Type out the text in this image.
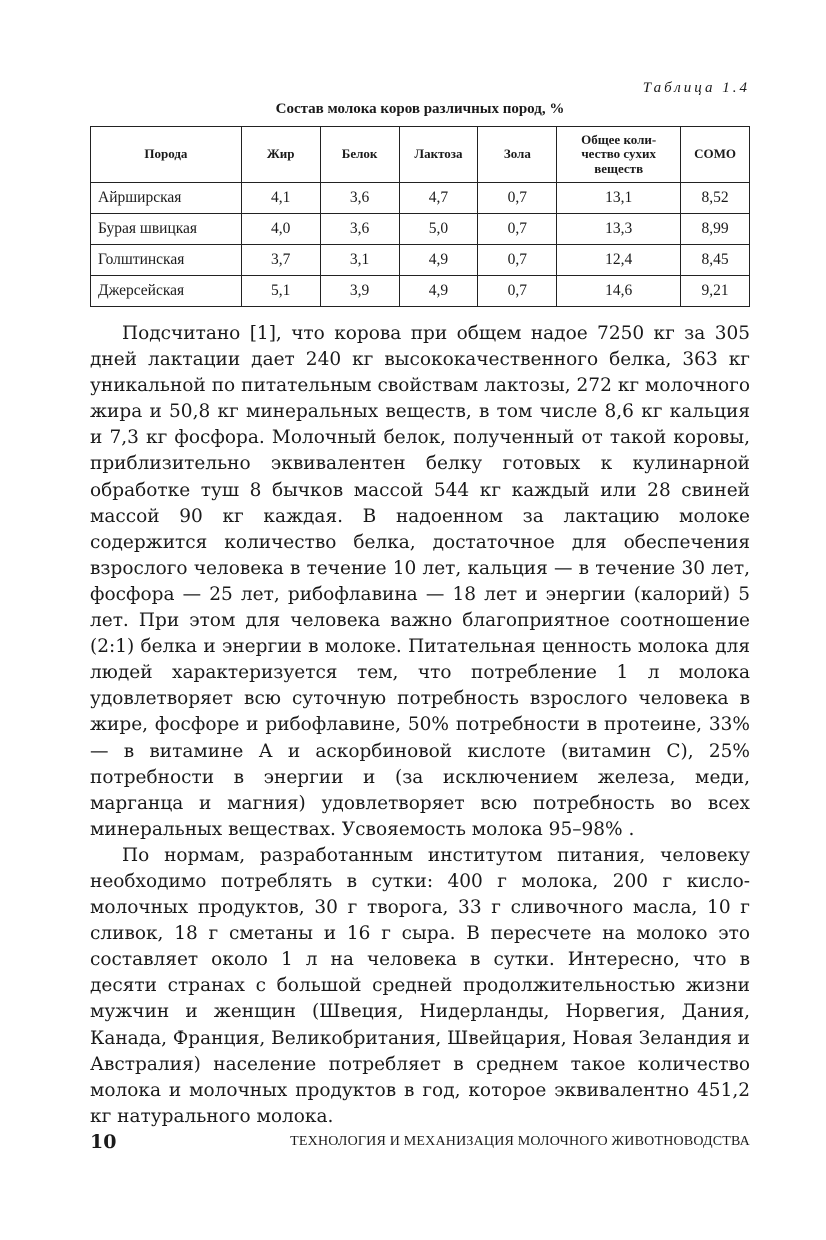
Таблица 1.4
Состав молока коров различных пород, %
Порода	Жир	Белок	Лактоза	Зола	Общее коли-чество сухих веществ	СОМО
Айрширская	4,1	3,6	4,7	0,7	13,1	8,52
Бурая швицкая	4,0	3,6	5,0	0,7	13,3	8,99
Голштинская	3,7	3,1	4,9	0,7	12,4	8,45
Джерсейская	5,1	3,9	4,9	0,7	14,6	9,21

Подсчитано [1], что корова при общем надое 7250 кг за 305 дней лактации дает 240 кг высококачественного белка, 363 кг уникальной по питательным свойствам лактозы, 272 кг молочного жира и 50,8 кг минеральных веществ, в том числе 8,6 кг кальция и 7,3 кг фосфора. Молочный белок, полученный от такой коровы, приблизительно эквивалентен белку готовых к кулинарной обработке туш 8 бычков массой 544 кг каждый или 28 свиней массой 90 кг каждая. В надоенном за лактацию молоке содержится количество белка, достаточное для обеспечения взрослого человека в течение 10 лет, кальция — в течение 30 лет, фосфора — 25 лет, рибофлавина — 18 лет и энергии (калорий) 5 лет. При этом для человека важно благоприятное соотношение (2:1) белка и энергии в молоке. Питательная ценность молока для людей характеризуется тем, что потребление 1 л молока удовлетворяет всю суточную потребность взрослого человека в жире, фосфоре и рибофлавине, 50% потребности в протеине, 33% — в витамине А и аскорбиновой кислоте (витамин С), 25% потребности в энергии и (за исключением железа, меди, марганца и магния) удовлетворяет всю потребность во всех минеральных веществах. Усвояемость молока 95–98% .

По нормам, разработанным институтом питания, человеку необходимо потреблять в сутки: 400 г молока, 200 г кисло-молочных продуктов, 30 г творога, 33 г сливочного масла, 10 г сливок, 18 г сметаны и 16 г сыра. В пересчете на молоко это составляет около 1 л на человека в сутки. Интересно, что в десяти странах с большой средней продолжительностью жизни мужчин и женщин (Швеция, Нидерланды, Норвегия, Дания, Канада, Франция, Великобритания, Швейцария, Новая Зеландия и Австралия) население потребляет в среднем такое количество молока и молочных продуктов в год, которое эквивалентно 451,2 кг натурального молока.

10	ТЕХНОЛОГИЯ И МЕХАНИЗАЦИЯ МОЛОЧНОГО ЖИВОТНОВОДСТВА
